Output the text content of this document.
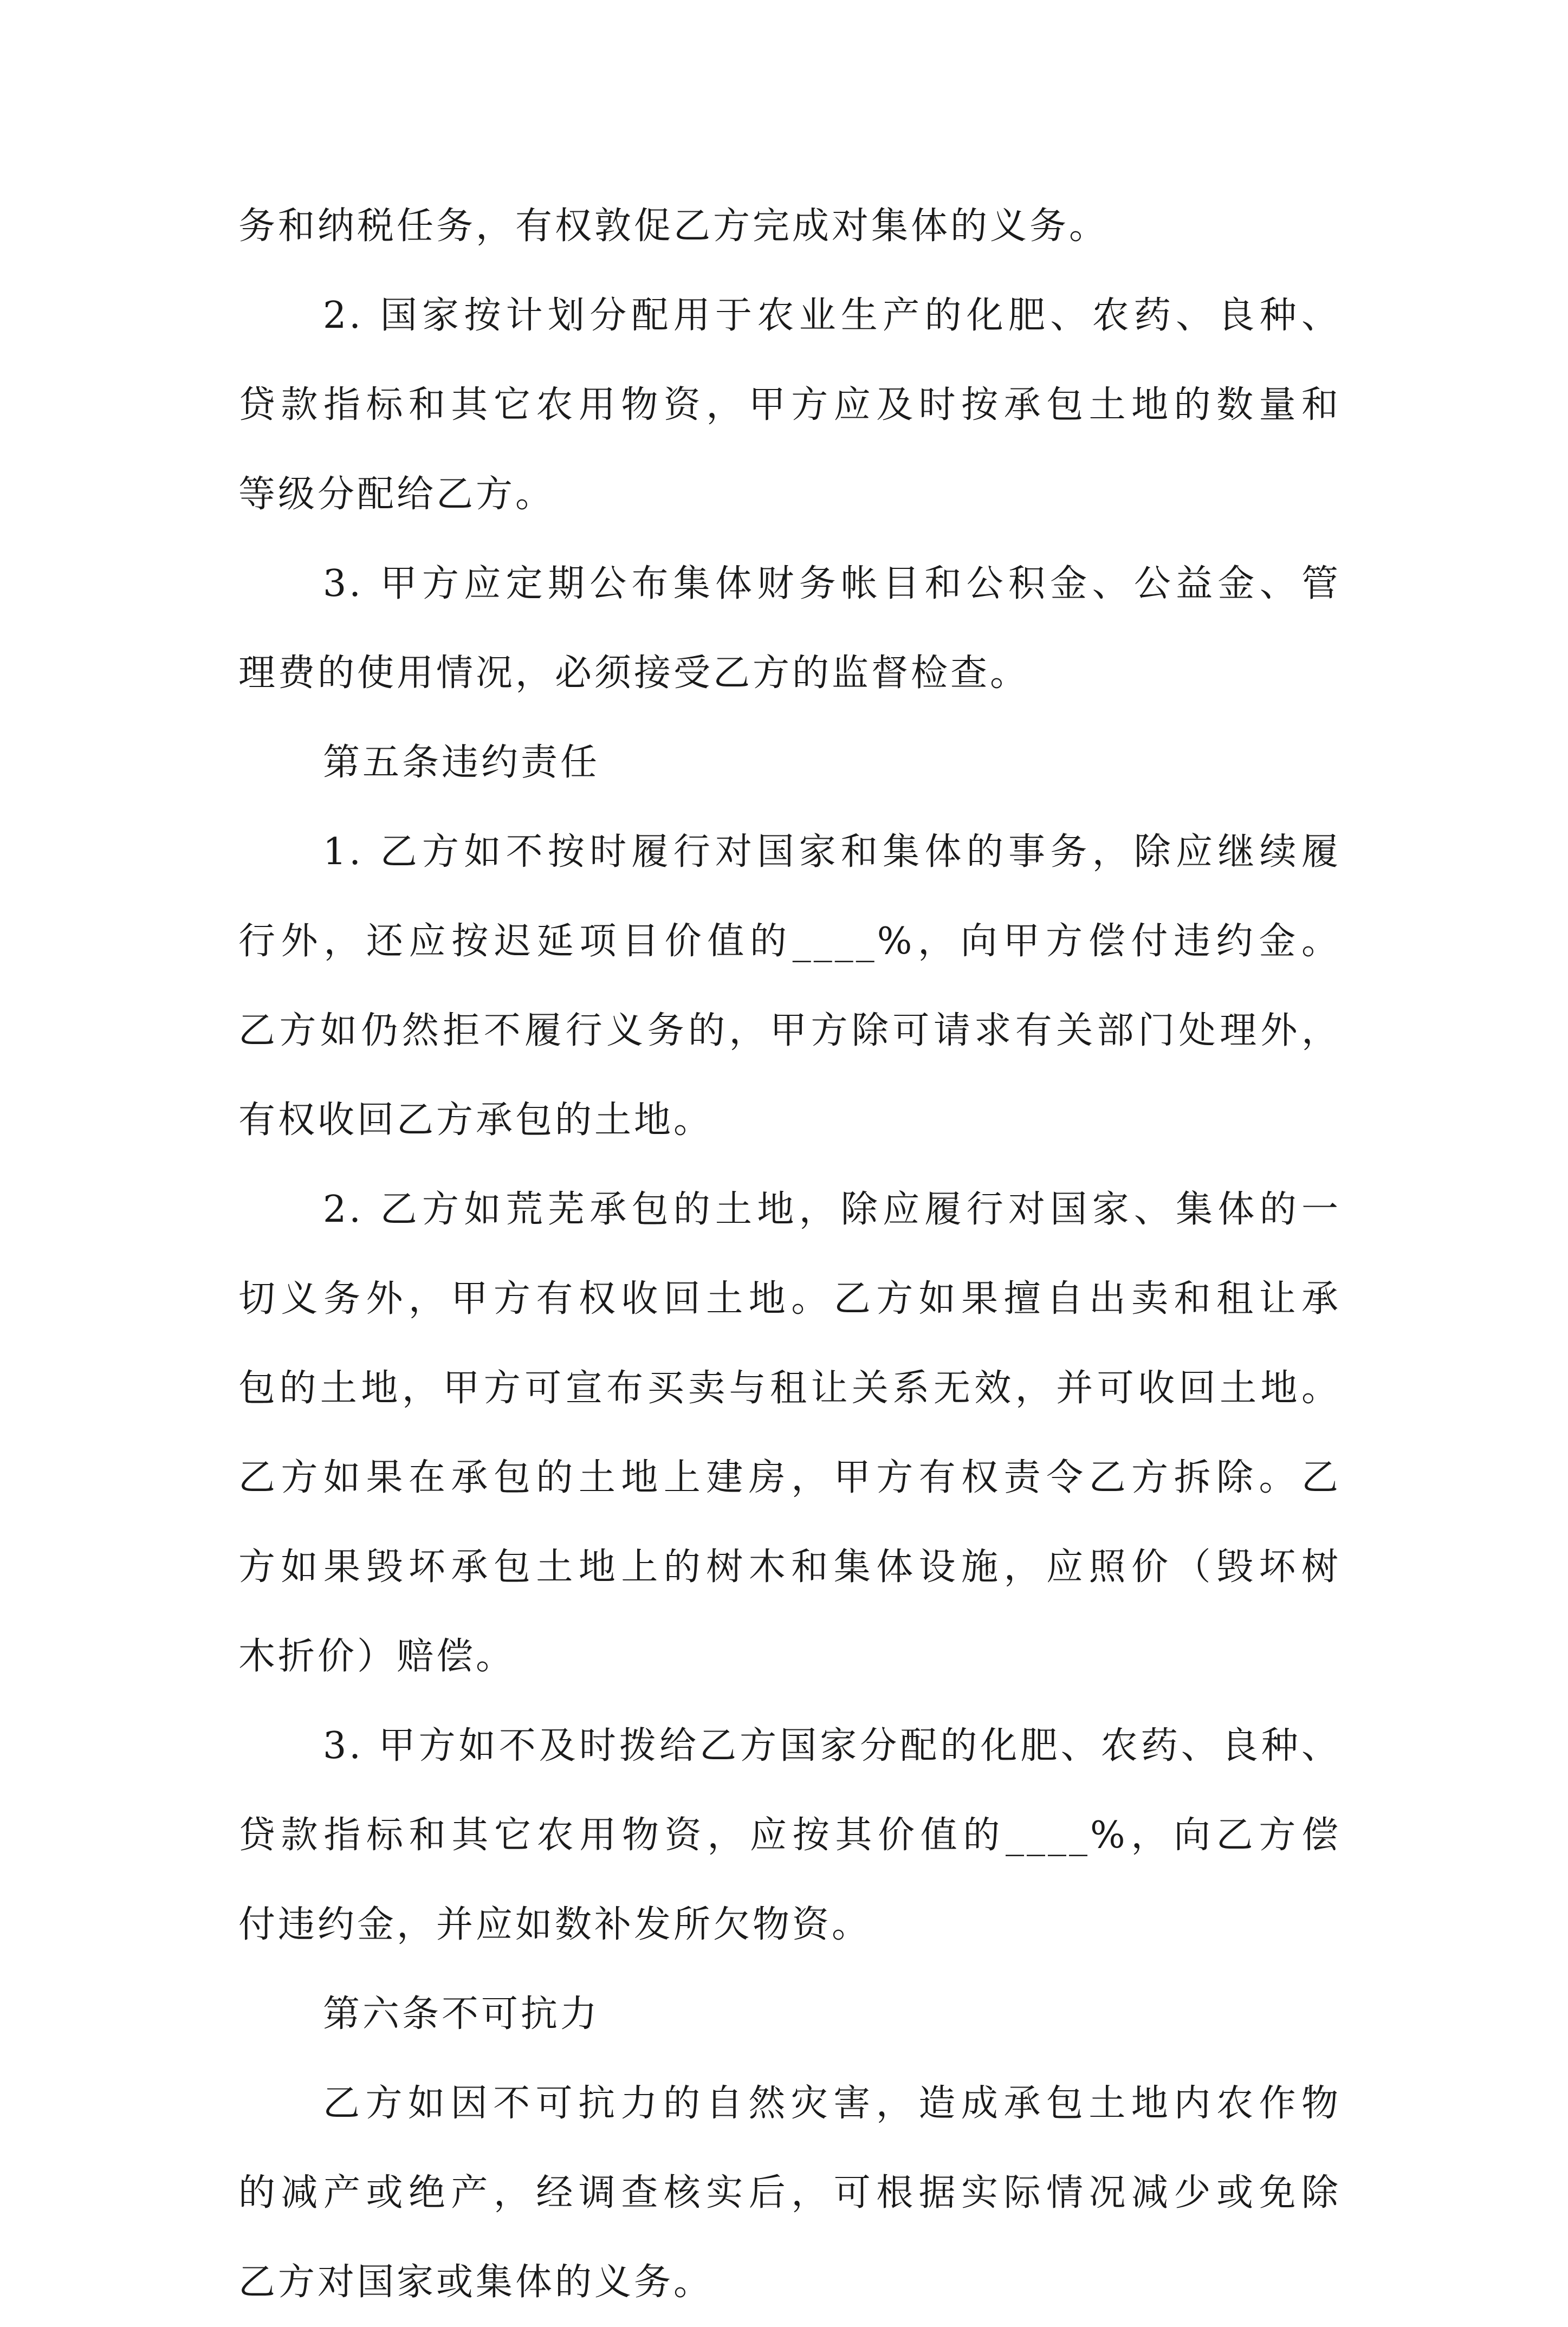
务和纳税任务，有权敦促乙方完成对集体的义务。

2. 国家按计划分配用于农业生产的化肥、农药、良种、
贷款指标和其它农用物资，甲方应及时按承包土地的数量和
等级分配给乙方。

3. 甲方应定期公布集体财务帐目和公积金、公益金、管
理费的使用情况，必须接受乙方的监督检查。

第五条违约责任

1. 乙方如不按时履行对国家和集体的事务，除应继续履
行外，还应按迟延项目价值的____%，向甲方偿付违约金。
乙方如仍然拒不履行义务的，甲方除可请求有关部门处理外，
有权收回乙方承包的土地。

2. 乙方如荒芜承包的土地，除应履行对国家、集体的一
切义务外，甲方有权收回土地。乙方如果擅自出卖和租让承
包的土地，甲方可宣布买卖与租让关系无效，并可收回土地。
乙方如果在承包的土地上建房，甲方有权责令乙方拆除。乙
方如果毁坏承包土地上的树木和集体设施，应照价（毁坏树
木折价）赔偿。

3. 甲方如不及时拨给乙方国家分配的化肥、农药、良种、
贷款指标和其它农用物资，应按其价值的____%，向乙方偿
付违约金，并应如数补发所欠物资。

第六条不可抗力

乙方如因不可抗力的自然灾害，造成承包土地内农作物
的减产或绝产，经调查核实后，可根据实际情况减少或免除
乙方对国家或集体的义务。
